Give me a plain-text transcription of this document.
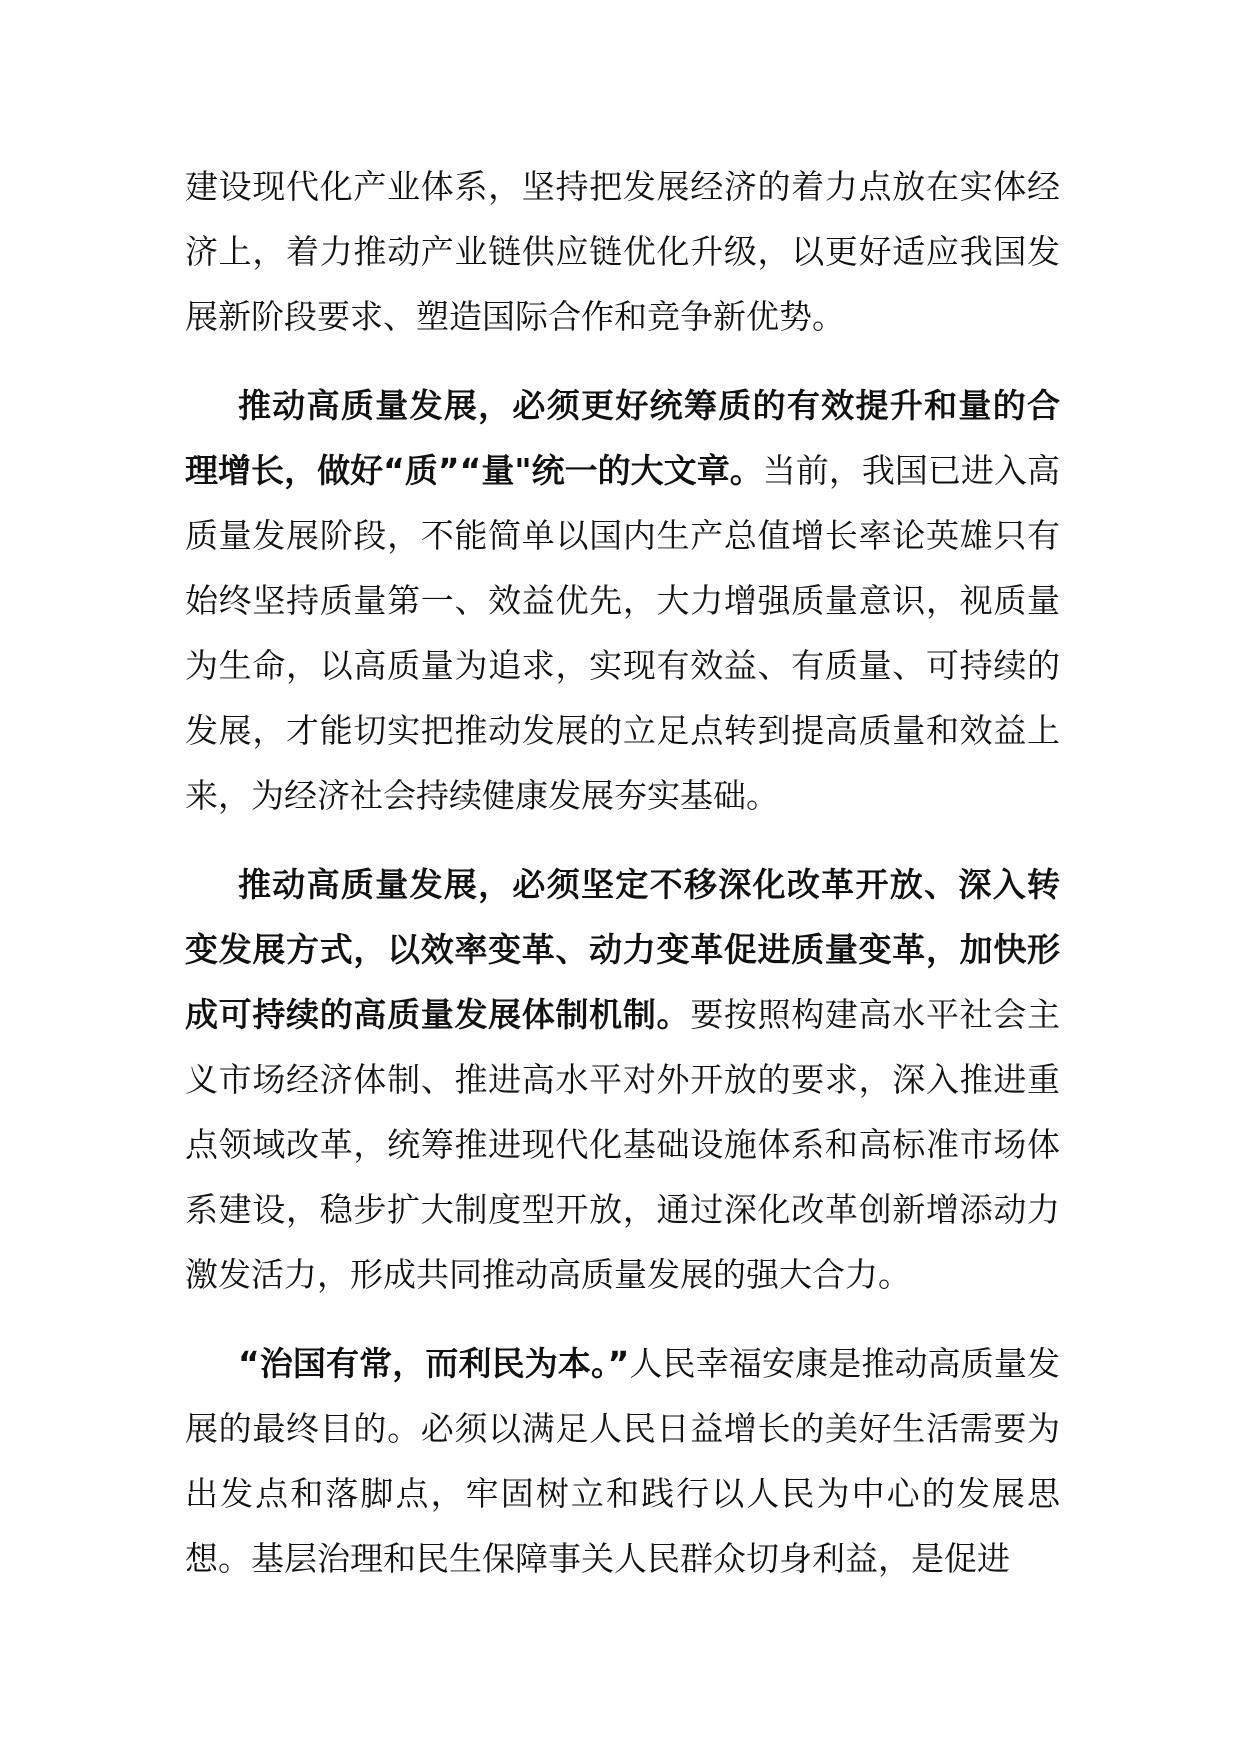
建设现代化产业体系，坚持把发展经济的着力点放在实体经济上，着力推动产业链供应链优化升级，以更好适应我国发展新阶段要求、塑造国际合作和竞争新优势。

推动高质量发展，必须更好统筹质的有效提升和量的合理增长，做好“质”“量"统一的大文章。当前，我国已进入高质量发展阶段，不能简单以国内生产总值增长率论英雄只有始终坚持质量第一、效益优先，大力增强质量意识，视质量为生命，以高质量为追求，实现有效益、有质量、可持续的发展，才能切实把推动发展的立足点转到提高质量和效益上来，为经济社会持续健康发展夯实基础。

推动高质量发展，必须坚定不移深化改革开放、深入转变发展方式，以效率变革、动力变革促进质量变革，加快形成可持续的高质量发展体制机制。要按照构建高水平社会主义市场经济体制、推进高水平对外开放的要求，深入推进重点领域改革，统筹推进现代化基础设施体系和高标准市场体系建设，稳步扩大制度型开放，通过深化改革创新增添动力激发活力，形成共同推动高质量发展的强大合力。

“治国有常，而利民为本。”人民幸福安康是推动高质量发展的最终目的。必须以满足人民日益增长的美好生活需要为出发点和落脚点，牢固树立和践行以人民为中心的发展思想。基层治理和民生保障事关人民群众切身利益，是促进
